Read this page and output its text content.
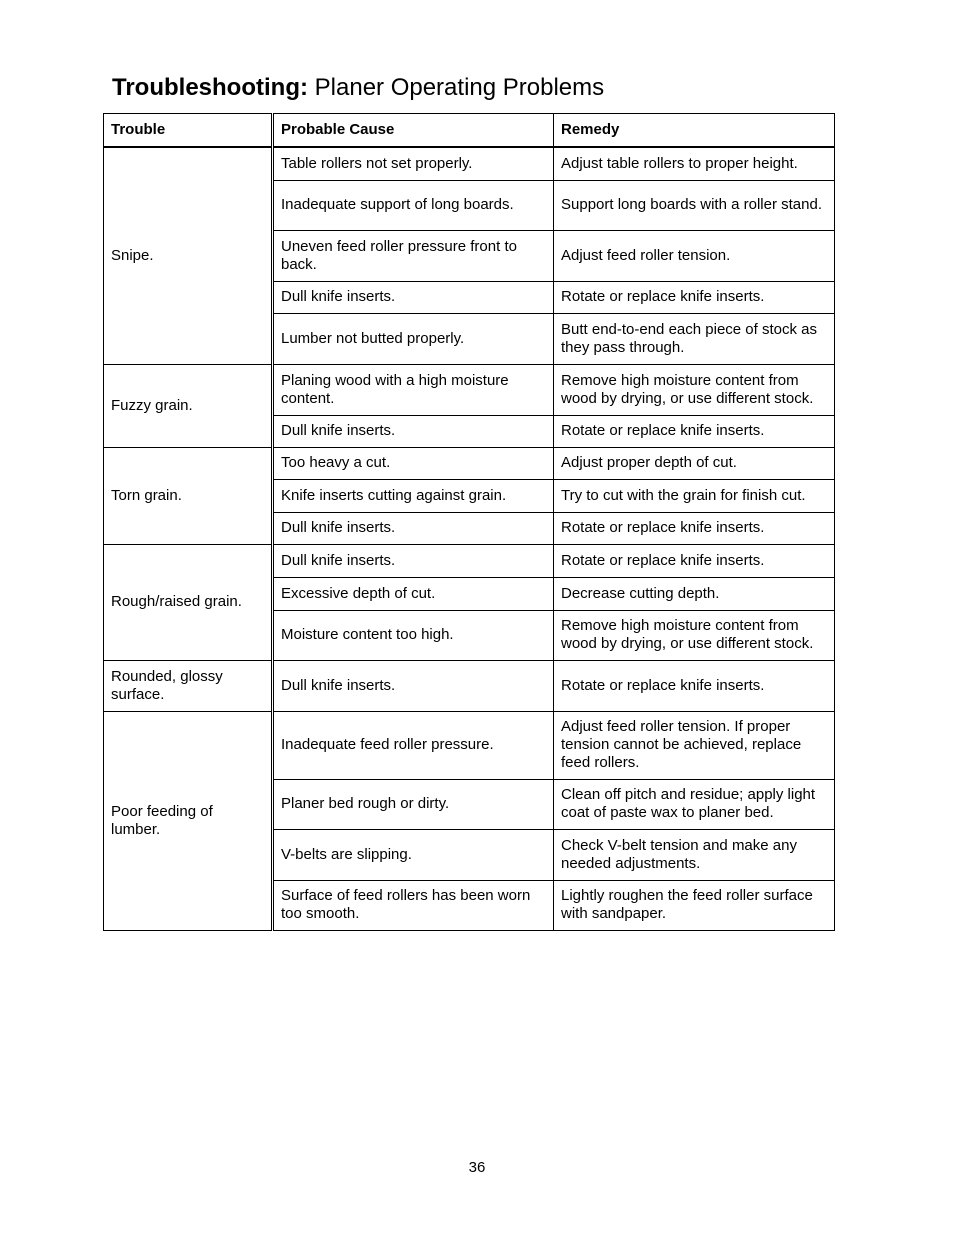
Troubleshooting: Planer Operating Problems
Trouble	Probable Cause	Remedy
Snipe.	Table rollers not set properly.	Adjust table rollers to proper height.
	Inadequate support of long boards.	Support long boards with a roller stand.
	Uneven feed roller pressure front to back.	Adjust feed roller tension.
	Dull knife inserts.	Rotate or replace knife inserts.
	Lumber not butted properly.	Butt end-to-end each piece of stock as they pass through.
Fuzzy grain.	Planing wood with a high moisture content.	Remove high moisture content from wood by drying, or use different stock.
	Dull knife inserts.	Rotate or replace knife inserts.
Torn grain.	Too heavy a cut.	Adjust proper depth of cut.
	Knife inserts cutting against grain.	Try to cut with the grain for finish cut.
	Dull knife inserts.	Rotate or replace knife inserts.
Rough/raised grain.	Dull knife inserts.	Rotate or replace knife inserts.
	Excessive depth of cut.	Decrease cutting depth.
	Moisture content too high.	Remove high moisture content from wood by drying, or use different stock.
Rounded, glossy surface.	Dull knife inserts.	Rotate or replace knife inserts.
Poor feeding of lumber.	Inadequate feed roller pressure.	Adjust feed roller tension. If proper tension cannot be achieved, replace feed rollers.
	Planer bed rough or dirty.	Clean off pitch and residue; apply light coat of paste wax to planer bed.
	V-belts are slipping.	Check V-belt tension and make any needed adjustments.
	Surface of feed rollers has been worn too smooth.	Lightly roughen the feed roller surface with sandpaper.
36
